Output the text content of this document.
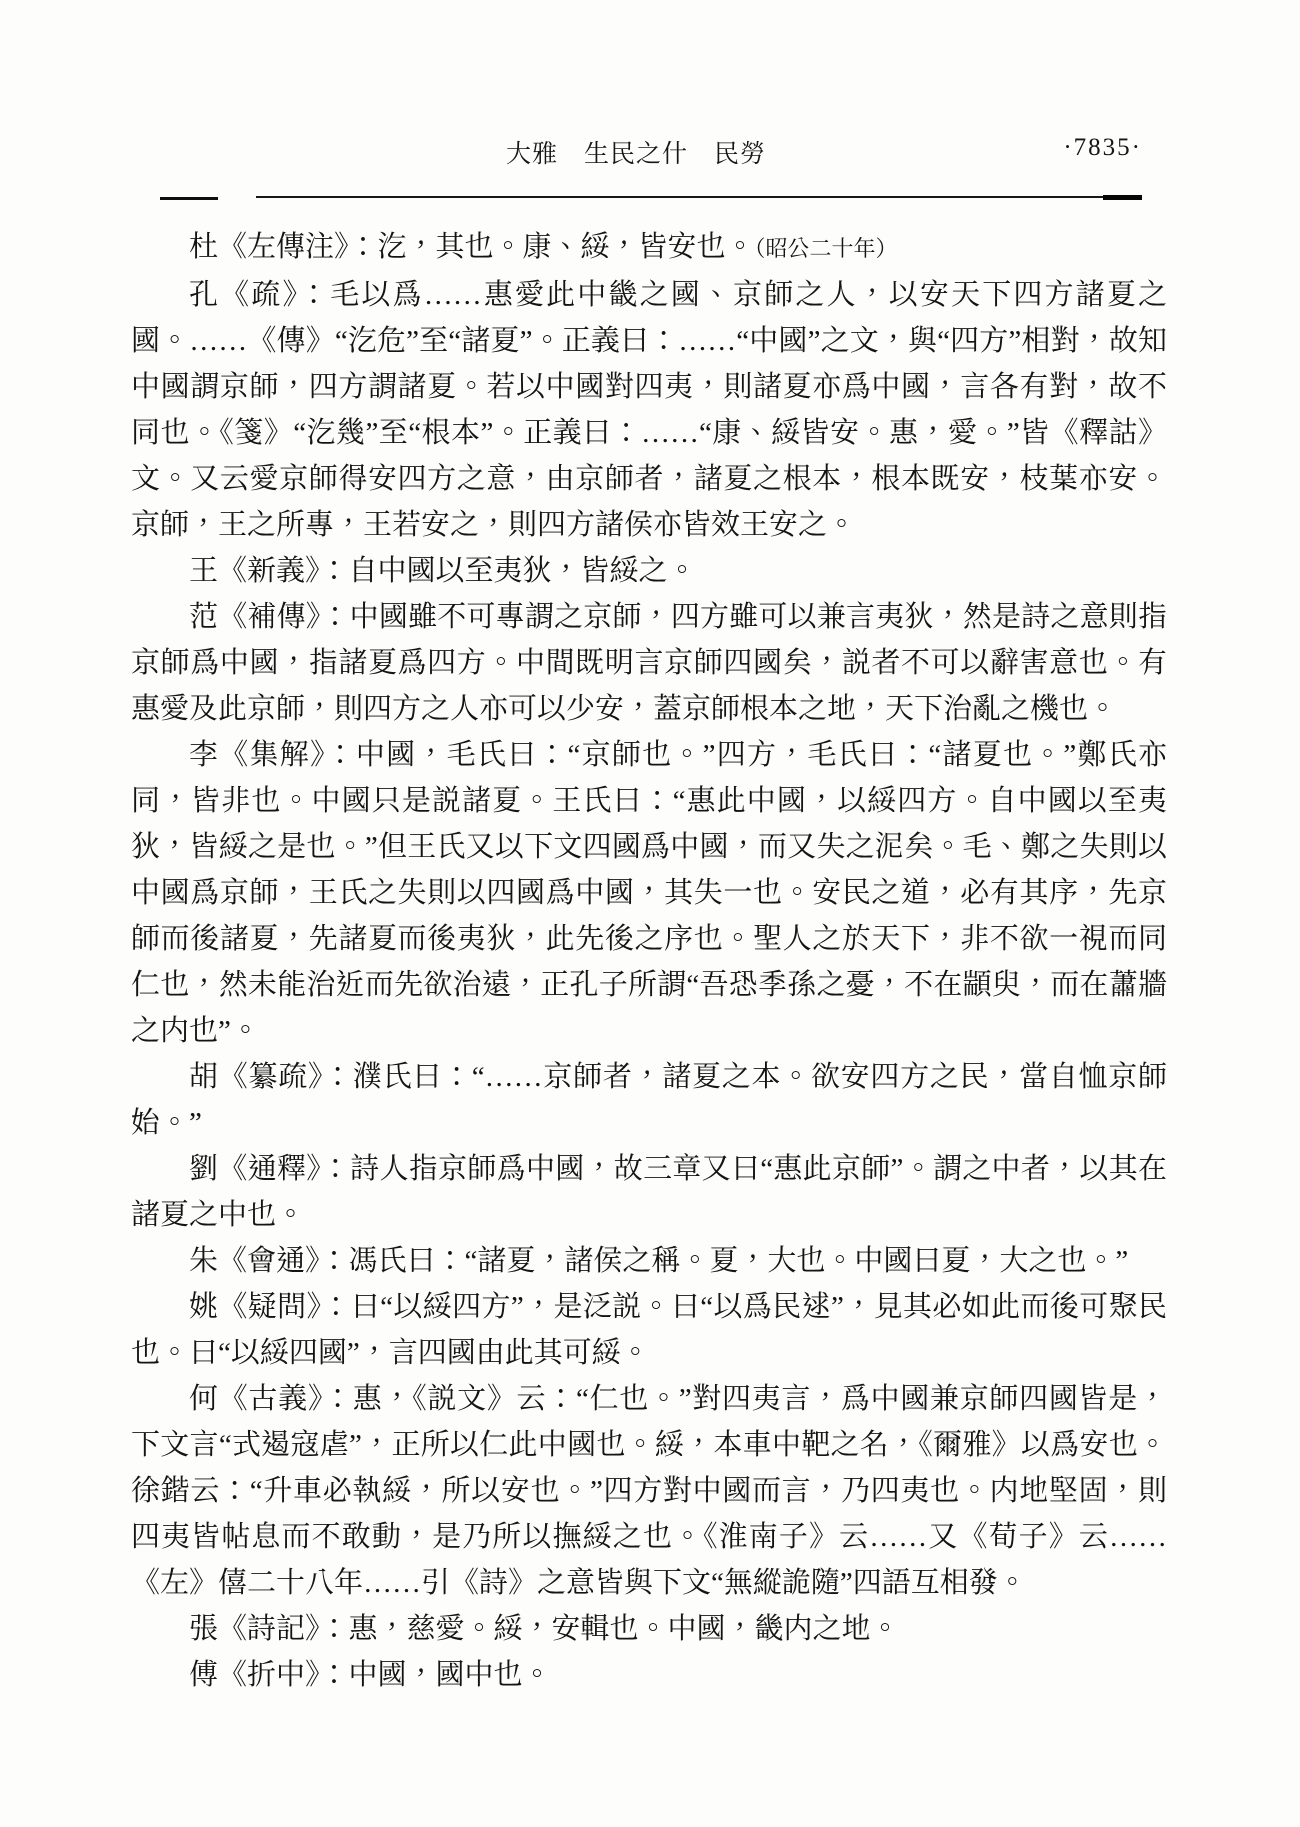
大雅　生民之什　民勞	·7835·

杜《左傳注》：汔，其也。康、綏，皆安也。（昭公二十年）

孔《疏》：毛以爲……惠愛此中畿之國、京師之人，以安天下四方諸夏之國。……《傳》“汔危”至“諸夏”。正義曰：……“中國”之文，與“四方”相對，故知中國謂京師，四方謂諸夏。若以中國對四夷，則諸夏亦爲中國，言各有對，故不同也。《箋》“汔幾”至“根本”。正義曰：……“康、綏皆安。惠，愛。”皆《釋詁》文。又云愛京師得安四方之意，由京師者，諸夏之根本，根本既安，枝葉亦安。京師，王之所專，王若安之，則四方諸侯亦皆效王安之。

王《新義》：自中國以至夷狄，皆綏之。

范《補傳》：中國雖不可專謂之京師，四方雖可以兼言夷狄，然是詩之意則指京師爲中國，指諸夏爲四方。中間既明言京師四國矣，説者不可以辭害意也。有惠愛及此京師，則四方之人亦可以少安，蓋京師根本之地，天下治亂之機也。

李《集解》：中國，毛氏曰：“京師也。”四方，毛氏曰：“諸夏也。”鄭氏亦同，皆非也。中國只是説諸夏。王氏曰：“惠此中國，以綏四方。自中國以至夷狄，皆綏之是也。”但王氏又以下文四國爲中國，而又失之泥矣。毛、鄭之失則以中國爲京師，王氏之失則以四國爲中國，其失一也。安民之道，必有其序，先京師而後諸夏，先諸夏而後夷狄，此先後之序也。聖人之於天下，非不欲一視而同仁也，然未能治近而先欲治遠，正孔子所謂“吾恐季孫之憂，不在顓臾，而在蕭牆之内也”。

胡《纂疏》：濮氏曰：“……京師者，諸夏之本。欲安四方之民，當自恤京師始。”

劉《通釋》：詩人指京師爲中國，故三章又曰“惠此京師”。謂之中者，以其在諸夏之中也。

朱《會通》：馮氏曰：“諸夏，諸侯之稱。夏，大也。中國曰夏，大之也。”

姚《疑問》：曰“以綏四方”，是泛説。曰“以爲民逑”，見其必如此而後可聚民也。曰“以綏四國”，言四國由此其可綏。

何《古義》：惠，《説文》云：“仁也。”對四夷言，爲中國兼京師四國皆是，下文言“式遏寇虐”，正所以仁此中國也。綏，本車中靶之名，《爾雅》以爲安也。徐鍇云：“升車必執綏，所以安也。”四方對中國而言，乃四夷也。内地堅固，則四夷皆帖息而不敢動，是乃所以撫綏之也。《淮南子》云……又《荀子》云……《左》僖二十八年……引《詩》之意皆與下文“無縱詭隨”四語互相發。

張《詩記》：惠，慈愛。綏，安輯也。中國，畿内之地。

傅《折中》：中國，國中也。
